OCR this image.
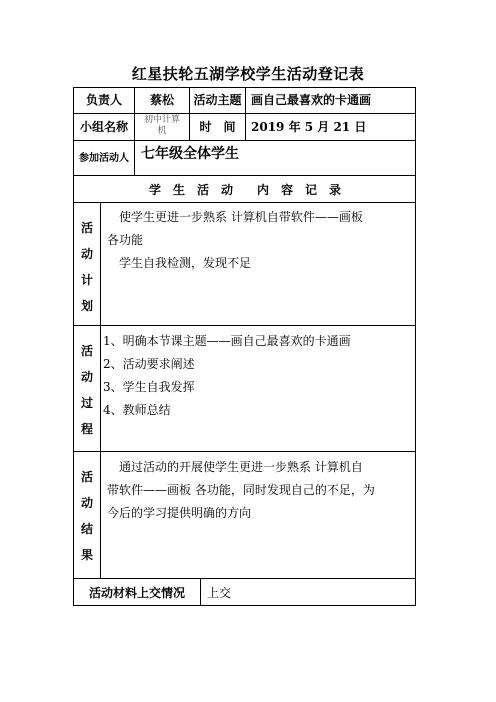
红星扶轮五湖学校学生活动登记表
负责人	蔡松	活动主题 画自己最喜欢的卡通画
小组名称	初中计算机	时　间	2019 年 5 月 21 日
参加活动人 七年级全体学生
学　生　活　动　　内　容　记　录
活
动
计
划
　使学生更进一步熟系 计算机自带软件——画板
各功能
　学生自我检测，发现不足
活
动
过
程
1、明确本节课主题——画自己最喜欢的卡通画
2、活动要求阐述
3、学生自我发挥
4、教师总结
活
动
结
果
　通过活动的开展使学生更进一步熟系 计算机自
带软件——画板 各功能，同时发现自己的不足，为
今后的学习提供明确的方向
活动材料上交情况	上交
